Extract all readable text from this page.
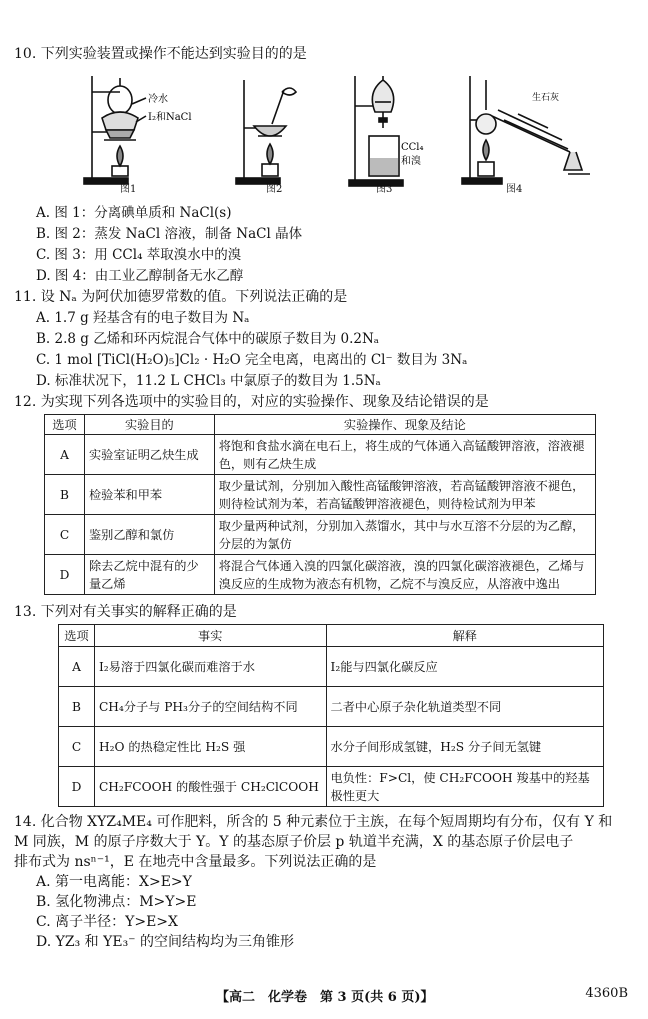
10. 下列实验装置或操作不能达到实验目的的是
冷水
I₂和NaCl
CCl₄
和溴
生石灰
图1	图2	图3	图4
A. 图 1：分离碘单质和 NaCl(s)
B. 图 2：蒸发 NaCl 溶液，制备 NaCl 晶体
C. 图 3：用 CCl₄ 萃取溴水中的溴
D. 图 4：由工业乙醇制备无水乙醇
11. 设 Nₐ 为阿伏加德罗常数的值。下列说法正确的是
A. 1.7 g 羟基含有的电子数目为 Nₐ
B. 2.8 g 乙烯和环丙烷混合气体中的碳原子数目为 0.2Nₐ
C. 1 mol [TiCl(H₂O)₅]Cl₂ · H₂O 完全电离，电离出的 Cl⁻ 数目为 3Nₐ
D. 标准状况下，11.2 L CHCl₃ 中氯原子的数目为 1.5Nₐ
12. 为实现下列各选项中的实验目的，对应的实验操作、现象及结论错误的是
选项	实验目的	实验操作、现象及结论
A	实验室证明乙炔生成	将饱和食盐水滴在电石上，将生成的气体通入高锰酸钾溶液，溶液褪色，则有乙炔生成
B	检验苯和甲苯	取少量试剂，分别加入酸性高锰酸钾溶液，若高锰酸钾溶液不褪色，则待检试剂为苯，若高锰酸钾溶液褪色，则待检试剂为甲苯
C	鉴别乙醇和氯仿	取少量两种试剂，分别加入蒸馏水，其中与水互溶不分层的为乙醇，分层的为氯仿
D	除去乙烷中混有的少量乙烯	将混合气体通入溴的四氯化碳溶液，溴的四氯化碳溶液褪色，乙烯与溴反应的生成物为液态有机物，乙烷不与溴反应，从溶液中逸出
13. 下列对有关事实的解释正确的是
选项	事实	解释
A	I₂易溶于四氯化碳而难溶于水	I₂能与四氯化碳反应
B	CH₄分子与 PH₃分子的空间结构不同	二者中心原子杂化轨道类型不同
C	H₂O 的热稳定性比 H₂S 强	水分子间形成氢键，H₂S 分子间无氢键
D	CH₂FCOOH 的酸性强于 CH₂ClCOOH	电负性：F>Cl，使 CH₂FCOOH 羧基中的羟基极性更大
14. 化合物 XYZ₄ME₄ 可作肥料，所含的 5 种元素位于主族，在每个短周期均有分布，仅有 Y 和
M 同族，M 的原子序数大于 Y。Y 的基态原子价层 p 轨道半充满，X 的基态原子价层电子
排布式为 nsⁿ⁻¹，E 在地壳中含量最多。下列说法正确的是
A. 第一电离能：X>E>Y
B. 氢化物沸点：M>Y>E
C. 离子半径：Y>E>X
D. YZ₃ 和 YE₃⁻ 的空间结构均为三角锥形
【高二　化学卷　第 3 页(共 6 页)】	4360B
